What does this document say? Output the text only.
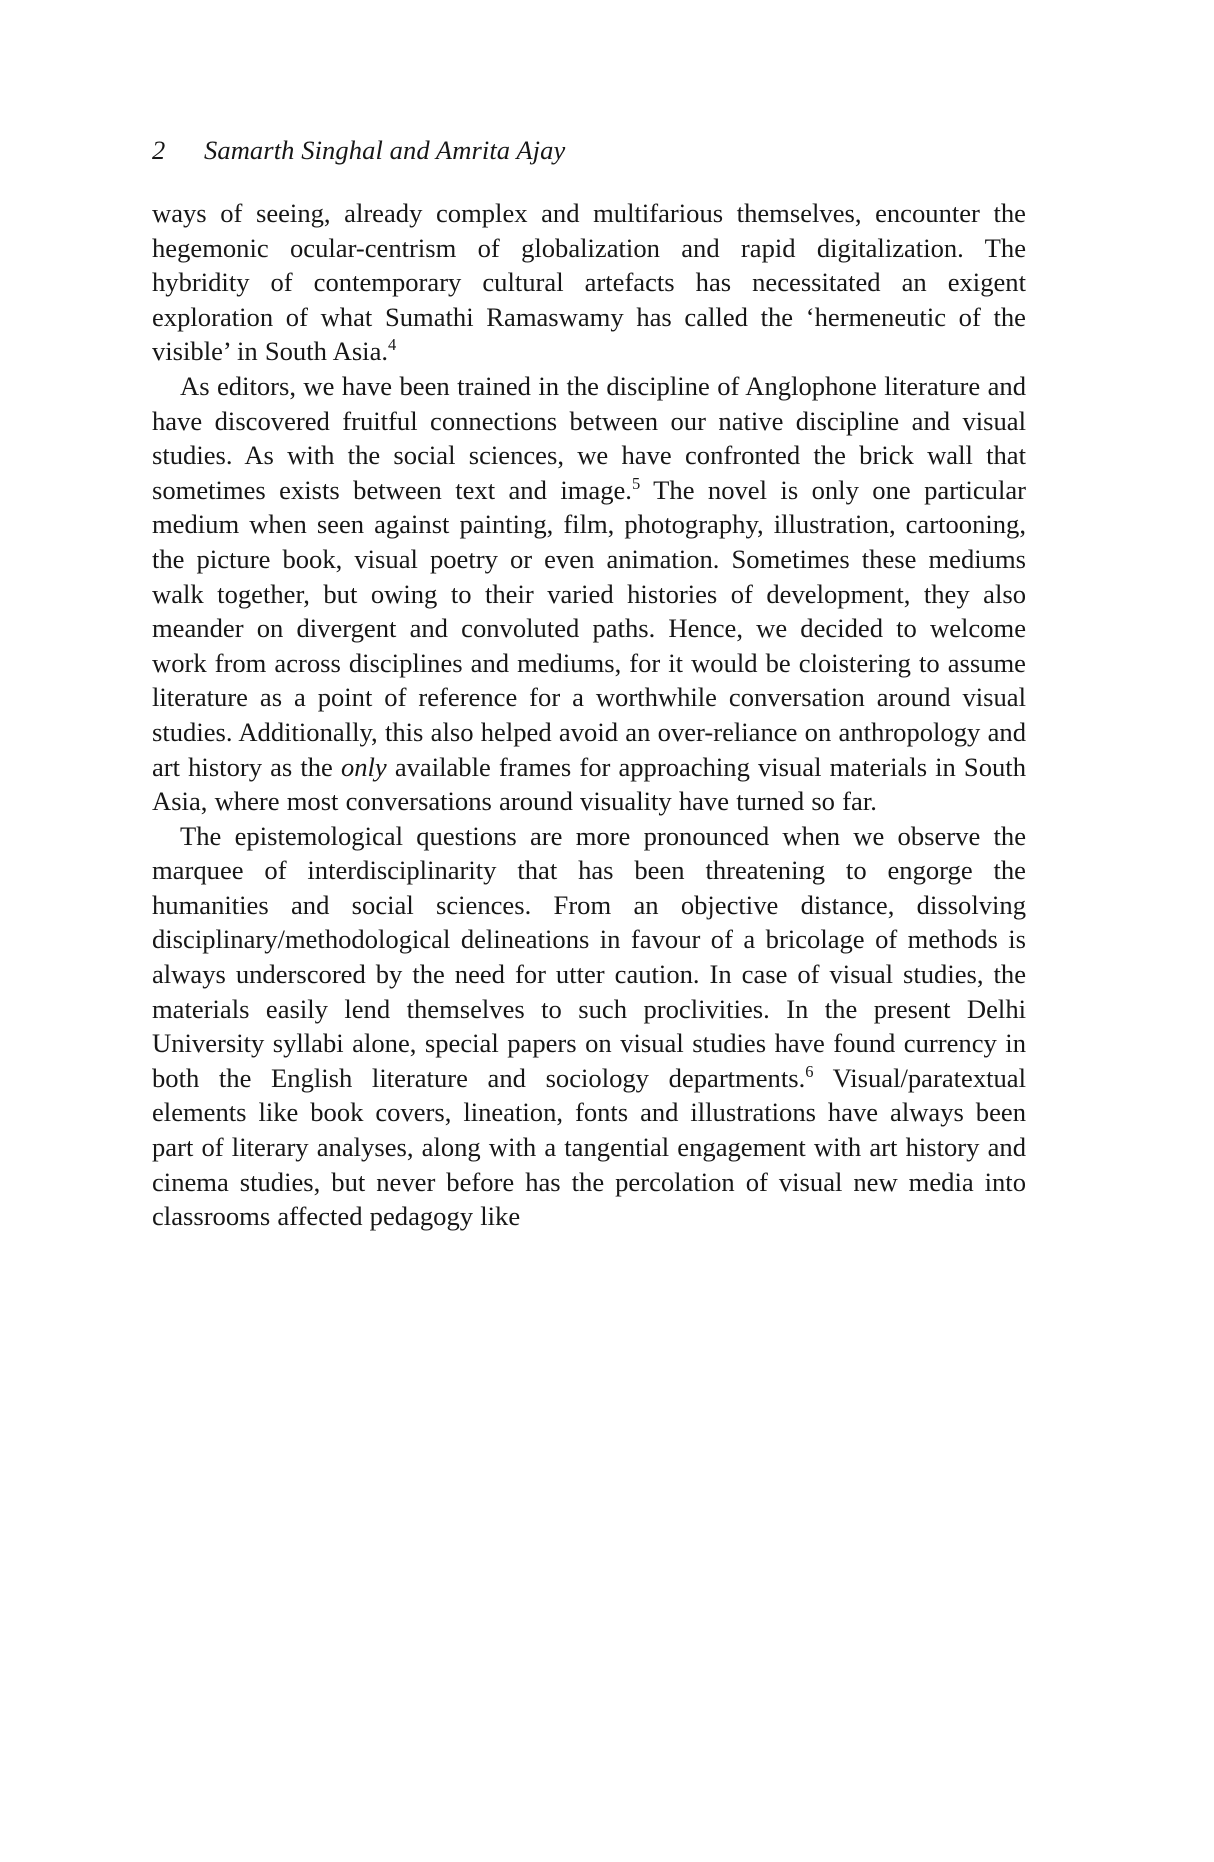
2 Samarth Singhal and Amrita Ajay

ways of seeing, already complex and multifarious themselves, encounter the hegemonic ocular-centrism of globalization and rapid digitalization. The hybridity of contemporary cultural artefacts has necessitated an exigent exploration of what Sumathi Ramaswamy has called the ‘hermeneutic of the visible’ in South Asia.$^4$

As editors, we have been trained in the discipline of Anglophone literature and have discovered fruitful connections between our native discipline and visual studies. As with the social sciences, we have confronted the brick wall that sometimes exists between text and image.$^5$ The novel is only one particular medium when seen against painting, film, photography, illustration, cartooning, the picture book, visual poetry or even animation. Sometimes these mediums walk together, but owing to their varied histories of development, they also meander on divergent and convoluted paths. Hence, we decided to welcome work from across disciplines and mediums, for it would be cloistering to assume literature as a point of reference for a worthwhile conversation around visual studies. Additionally, this also helped avoid an over-reliance on anthropology and art history as the only available frames for approaching visual materials in South Asia, where most conversations around visuality have turned so far.

The epistemological questions are more pronounced when we observe the marquee of interdisciplinarity that has been threatening to engorge the humanities and social sciences. From an objective distance, dissolving disciplinary/methodological delineations in favour of a bricolage of methods is always underscored by the need for utter caution. In case of visual studies, the materials easily lend themselves to such proclivities. In the present Delhi University syllabi alone, special papers on visual studies have found currency in both the English literature and sociology departments.$^6$ Visual/paratextual elements like book covers, lineation, fonts and illustrations have always been part of literary analyses, along with a tangential engagement with art history and cinema studies, but never before has the percolation of visual new media into classrooms affected pedagogy like
